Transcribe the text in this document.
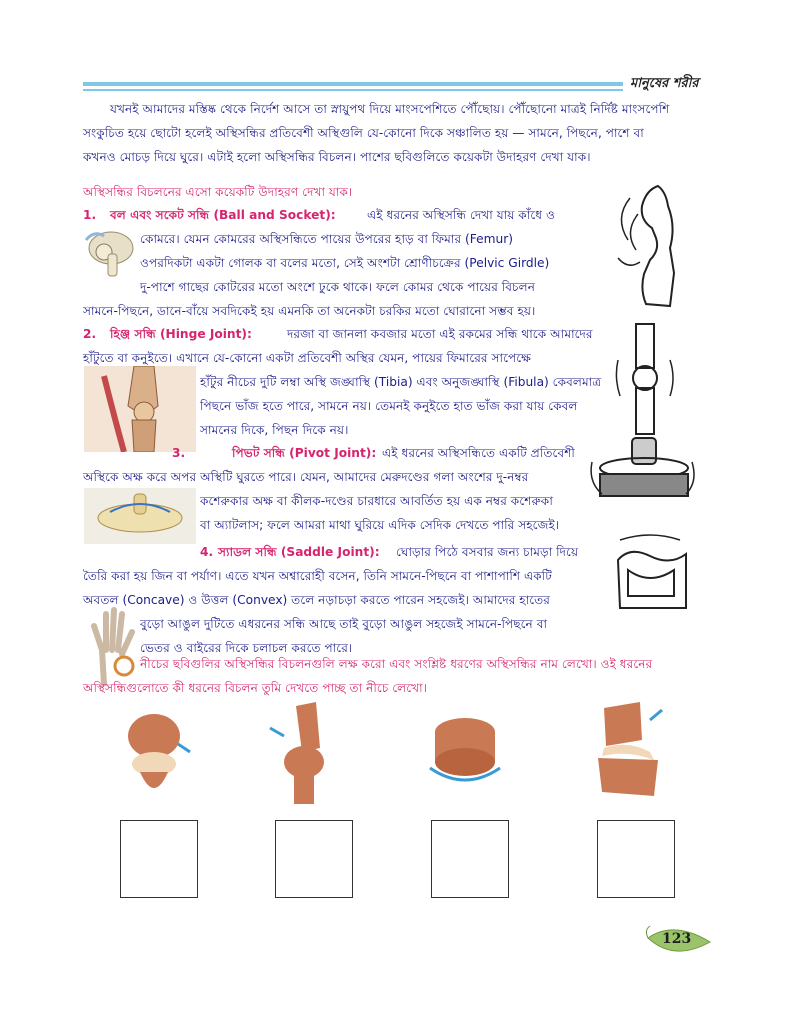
মানুষের শরীর
যখনই আমাদের মস্তিষ্ক থেকে নির্দেশ আসে তা স্নায়ুপথ দিয়ে মাংসপেশিতে পৌঁছোয়। পৌঁছোনো মাত্রই নির্দিষ্ট মাংসপেশি
সংকুচিত হয়ে ছোটো হলেই অস্থিসন্ধির প্রতিবেশী অস্থিগুলি যে-কোনো দিকে সঞ্চালিত হয় — সামনে, পিছনে, পাশে বা
কখনও মোচড় দিয়ে ঘুরে। এটাই হলো অস্থিসন্ধির বিচলন। পাশের ছবিগুলিতে কয়েকটা উদাহরণ দেখা যাক।
অস্থিসন্ধির বিচলনের এসো কয়েকটি উদাহরণ দেখা যাক।
1. বল এবং সকেট সন্ধি (Ball and Socket):	এই ধরনের অস্থিসন্ধি দেখা যায় কাঁধে ও
কোমরে। যেমন কোমরের অস্থিসন্ধিতে পায়ের উপরের হাড় বা ফিমার (Femur)
ওপরদিকটা একটা গোলক বা বলের মতো, সেই অংশটা শ্রোণীচক্রের (Pelvic Girdle)
দু-পাশে গাছের কোটরের মতো অংশে ঢুকে থাকে। ফলে কোমর থেকে পায়ের বিচলন
সামনে-পিছনে, ডানে-বাঁয়ে সবদিকেই হয় এমনকি তা অনেকটা চরকির মতো ঘোরানো সম্ভব হয়।
2. হিঞ্জ সন্ধি (Hinge Joint):	দরজা বা জানলা কবজার মতো এই রকমের সন্ধি থাকে আমাদের
হাঁটুতে বা কনুইতে। এখানে যে-কোনো একটা প্রতিবেশী অস্থির যেমন, পায়ের ফিমারের সাপেক্ষে
হাঁটুর নীচের দুটি লম্বা অস্থি জঙ্ঘাস্থি (Tibia) এবং অনুজঙ্ঘাস্থি (Fibula) কেবলমাত্র
পিছনে ভাঁজ হতে পারে, সামনে নয়। তেমনই কনুইতে হাত ভাঁজ করা যায় কেবল
সামনের দিকে, পিছন দিকে নয়।
3.	পিভট সন্ধি (Pivot Joint): এই ধরনের অস্থিসন্ধিতে একটি প্রতিবেশী
অস্থিকে অক্ষ করে অপর অস্থিটি ঘুরতে পারে। যেমন, আমাদের মেরুদণ্ডের গলা অংশের দু-নম্বর
কশেরুকার অক্ষ বা কীলক-দণ্ডের চারধারে আবর্তিত হয় এক নম্বর কশেরুকা
বা অ্যাটলাস; ফলে আমরা মাথা ঘুরিয়ে এদিক সেদিক দেখতে পারি সহজেই।
4. স্যাডল সন্ধি (Saddle Joint): ঘোড়ার পিঠে বসবার জন্য চামড়া দিয়ে
তৈরি করা হয় জিন বা পর্যাণ। এতে যখন অশ্বারোহী বসেন, তিনি সামনে-পিছনে বা পাশাপাশি একটি
অবতল (Concave) ও উত্তল (Convex) তলে নড়াচড়া করতে পারেন সহজেই। আমাদের হাতের
বুড়ো আঙুল দুটিতে এধরনের সন্ধি আছে তাই বুড়ো আঙুল সহজেই সামনে-পিছনে বা
ভেতর ও বাইরের দিকে চলাচল করতে পারে।
নীচের ছবিগুলির অস্থিসন্ধির বিচলনগুলি লক্ষ করো এবং সংশ্লিষ্ট ধরণের অস্থিসন্ধির নাম লেখো। ওই ধরনের
অস্থিসন্ধিগুলোতে কী ধরনের বিচলন তুমি দেখতে পাচ্ছ তা নীচে লেখো।
123
